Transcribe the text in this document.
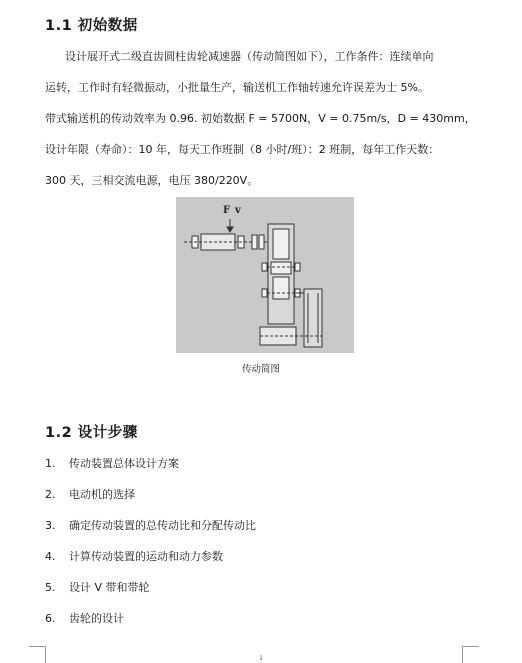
1.1 初始数据
设计展开式二级直齿圆柱齿轮减速器（传动简图如下），工作条件：连续单向
运转，工作时有轻微振动，小批量生产，输送机工作轴转速允许误差为士 5%。
带式输送机的传动效率为 0.96. 初始数据 F = 5700N，V = 0.75m/s，D = 430mm，
设计年限（寿命）：10 年，每天工作班制（8 小时/班）：2 班制，每年工作天数：
300 天，三相交流电源，电压 380/220V。
F v
传动简图
1.2 设计步骤
1. 传动装置总体设计方案
2. 电动机的选择
3. 确定传动装置的总传动比和分配传动比
4. 计算传动装置的运动和动力参数
5. 设计 V 带和带轮
6. 齿轮的设计
1
